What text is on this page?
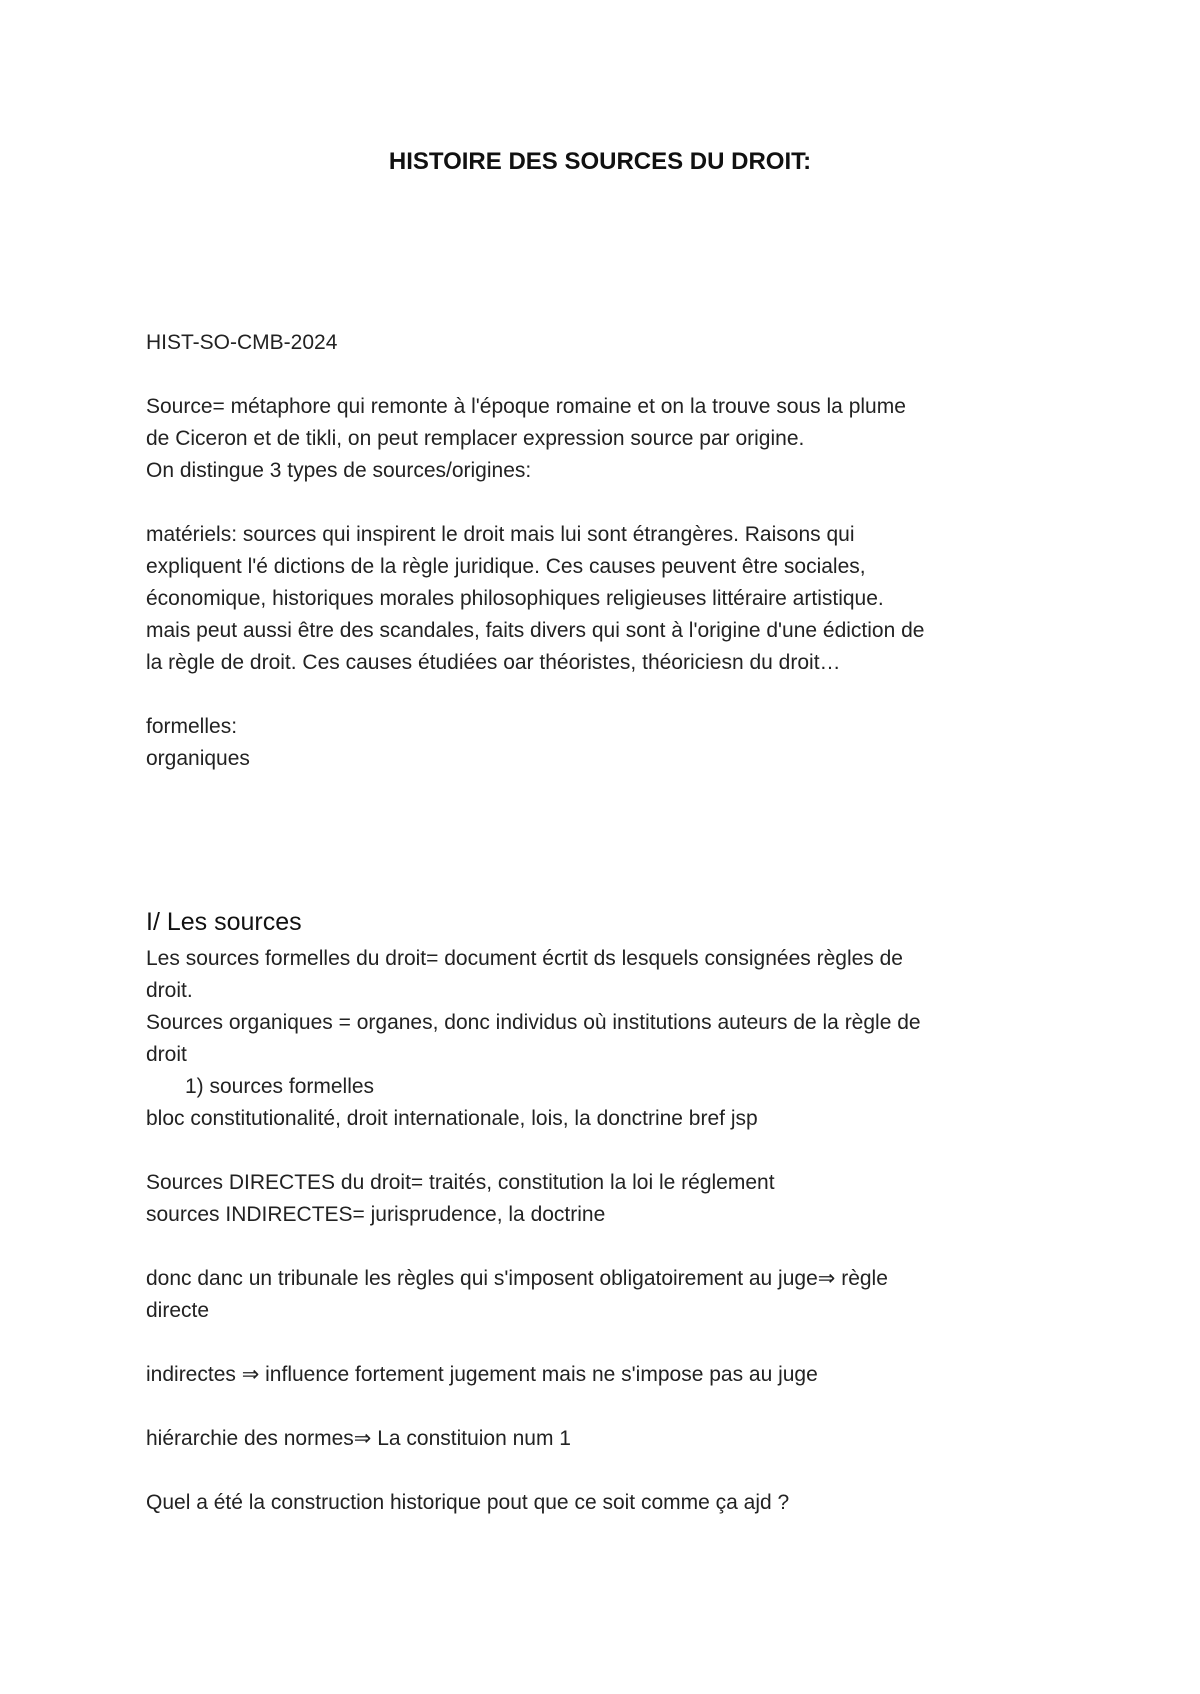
HISTOIRE DES SOURCES DU DROIT:
HIST-SO-CMB-2024
Source= métaphore qui remonte à l'époque romaine et on la trouve sous la plume
de Ciceron et de tikli, on peut remplacer expression source par origine.
On distingue 3 types de sources/origines:
matériels: sources qui inspirent le droit mais lui sont étrangères. Raisons qui
expliquent l'é dictions de la règle juridique. Ces causes peuvent être sociales,
économique, historiques morales philosophiques religieuses littéraire artistique.
mais peut aussi être des scandales, faits divers qui sont à l'origine d'une édiction de
la règle de droit. Ces causes étudiées oar théoristes, théoriciesn du droit…
formelles:
organiques
I/ Les sources
Les sources formelles du droit= document écrtit ds lesquels consignées règles de
droit.
Sources organiques = organes, donc individus où institutions auteurs de la règle de
droit
1) sources formelles
bloc constitutionalité, droit internationale, lois, la donctrine bref jsp
Sources DIRECTES du droit= traités, constitution la loi le réglement
sources INDIRECTES= jurisprudence, la doctrine
donc danc un tribunale les règles qui s'imposent obligatoirement au juge⇒ règle
directe
indirectes ⇒ influence fortement jugement mais ne s'impose pas au juge
hiérarchie des normes⇒ La constituion num 1
Quel a été la construction historique pout que ce soit comme ça ajd ?
